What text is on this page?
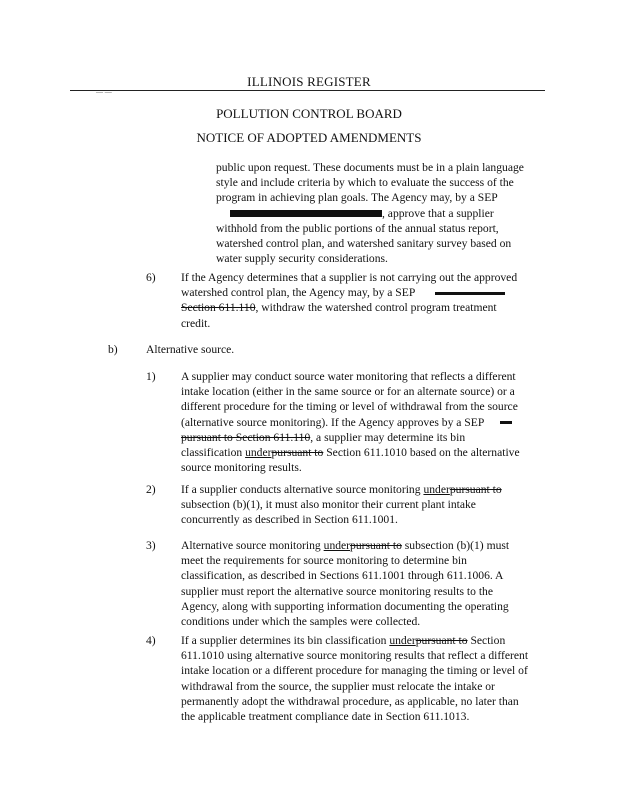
ILLINOIS REGISTER
— —
POLLUTION CONTROL BOARD
NOTICE OF ADOPTED AMENDMENTS
public upon request. These documents must be in a plain language
style and include criteria by which to evaluate the success of the
program in achieving plan goals. The Agency may, by a SEP
, approve that a supplier
withhold from the public portions of the annual status report,
watershed control plan, and watershed sanitary survey based on
water supply security considerations.
6) If the Agency determines that a supplier is not carrying out the approved
watershed control plan, the Agency may, by a SEP
Section 611.110, withdraw the watershed control program treatment
credit.
b) Alternative source.
1) A supplier may conduct source water monitoring that reflects a different
intake location (either in the same source or for an alternate source) or a
different procedure for the timing or level of withdrawal from the source
(alternative source monitoring). If the Agency approves by a SEP
pursuant to Section 611.110, a supplier may determine its bin
classification underpursuant to Section 611.1010 based on the alternative
source monitoring results.
2) If a supplier conducts alternative source monitoring underpursuant to
subsection (b)(1), it must also monitor their current plant intake
concurrently as described in Section 611.1001.
3) Alternative source monitoring underpursuant to subsection (b)(1) must
meet the requirements for source monitoring to determine bin
classification, as described in Sections 611.1001 through 611.1006. A
supplier must report the alternative source monitoring results to the
Agency, along with supporting information documenting the operating
conditions under which the samples were collected.
4) If a supplier determines its bin classification underpursuant to Section
611.1010 using alternative source monitoring results that reflect a different
intake location or a different procedure for managing the timing or level of
withdrawal from the source, the supplier must relocate the intake or
permanently adopt the withdrawal procedure, as applicable, no later than
the applicable treatment compliance date in Section 611.1013.
